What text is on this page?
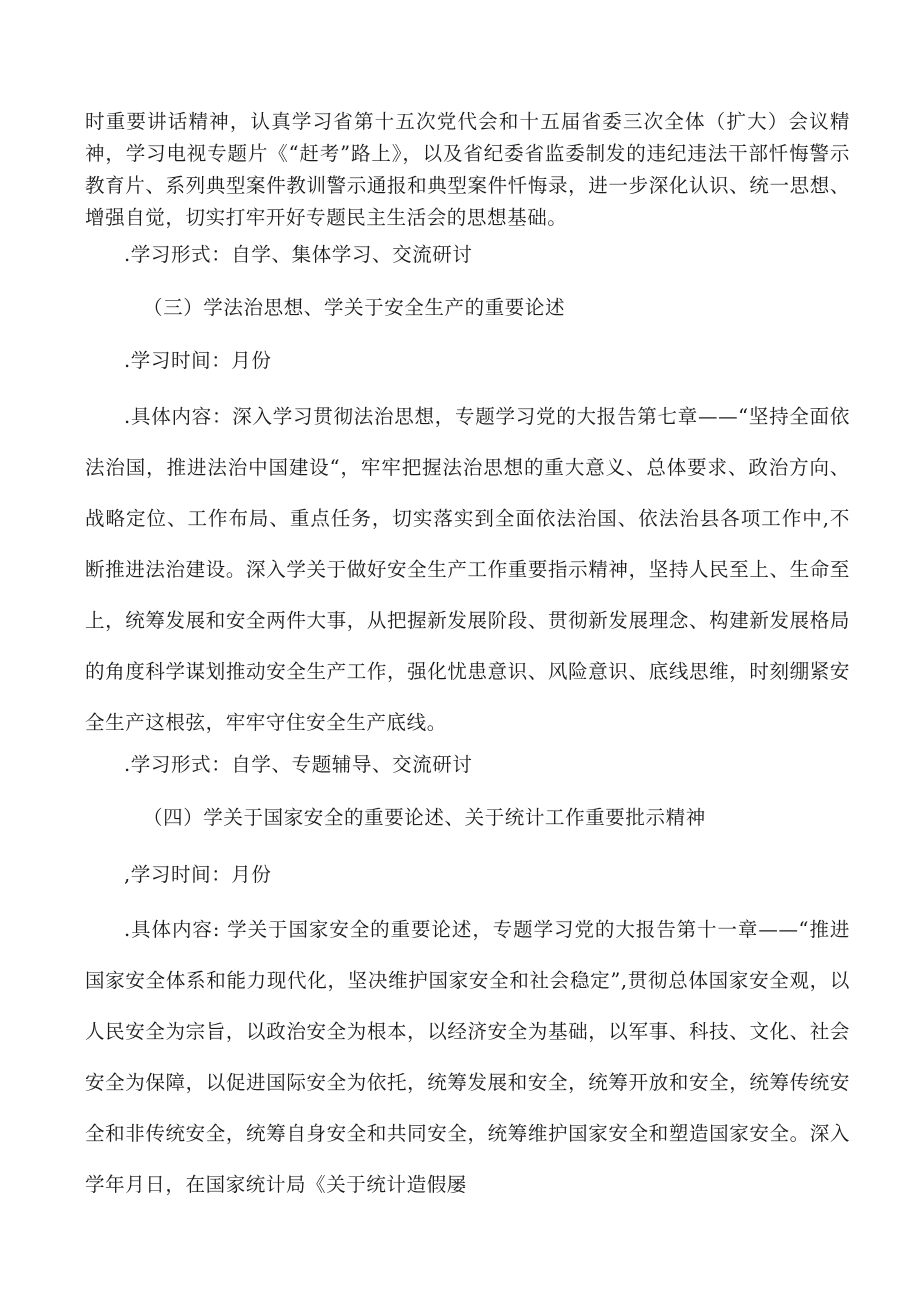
时重要讲话精神，认真学习省第十五次党代会和十五届省委三次全体（扩大）会议精神，学习电视专题片《“赶考”路上》，以及省纪委省监委制发的违纪违法干部忏悔警示教育片、系列典型案件教训警示通报和典型案件忏悔录，进一步深化认识、统一思想、增强自觉，切实打牢开好专题民主生活会的思想基础。

.学习形式：自学、集体学习、交流研讨

（三）学法治思想、学关于安全生产的重要论述

.学习时间：月份

.具体内容：深入学习贯彻法治思想，专题学习党的大报告第七章——“坚持全面依法治国，推进法治中国建设“，牢牢把握法治思想的重大意义、总体要求、政治方向、战略定位、工作布局、重点任务，切实落实到全面依法治国、依法治县各项工作中,不断推进法治建设。深入学关于做好安全生产工作重要指示精神，坚持人民至上、生命至上，统筹发展和安全两件大事，从把握新发展阶段、贯彻新发展理念、构建新发展格局的角度科学谋划推动安全生产工作，强化忧患意识、风险意识、底线思维，时刻绷紧安全生产这根弦，牢牢守住安全生产底线。

.学习形式：自学、专题辅导、交流研讨

（四）学关于国家安全的重要论述、关于统计工作重要批示精神

,学习时间：月份

.具体内容: 学关于国家安全的重要论述，专题学习党的大报告第十一章——“推进国家安全体系和能力现代化，坚决维护国家安全和社会稳定”,贯彻总体国家安全观，以人民安全为宗旨，以政治安全为根本，以经济安全为基础，以军事、科技、文化、社会安全为保障，以促进国际安全为依托，统筹发展和安全，统筹开放和安全，统筹传统安全和非传统安全，统筹自身安全和共同安全，统筹维护国家安全和塑造国家安全。深入学年月日，在国家统计局《关于统计造假屡
